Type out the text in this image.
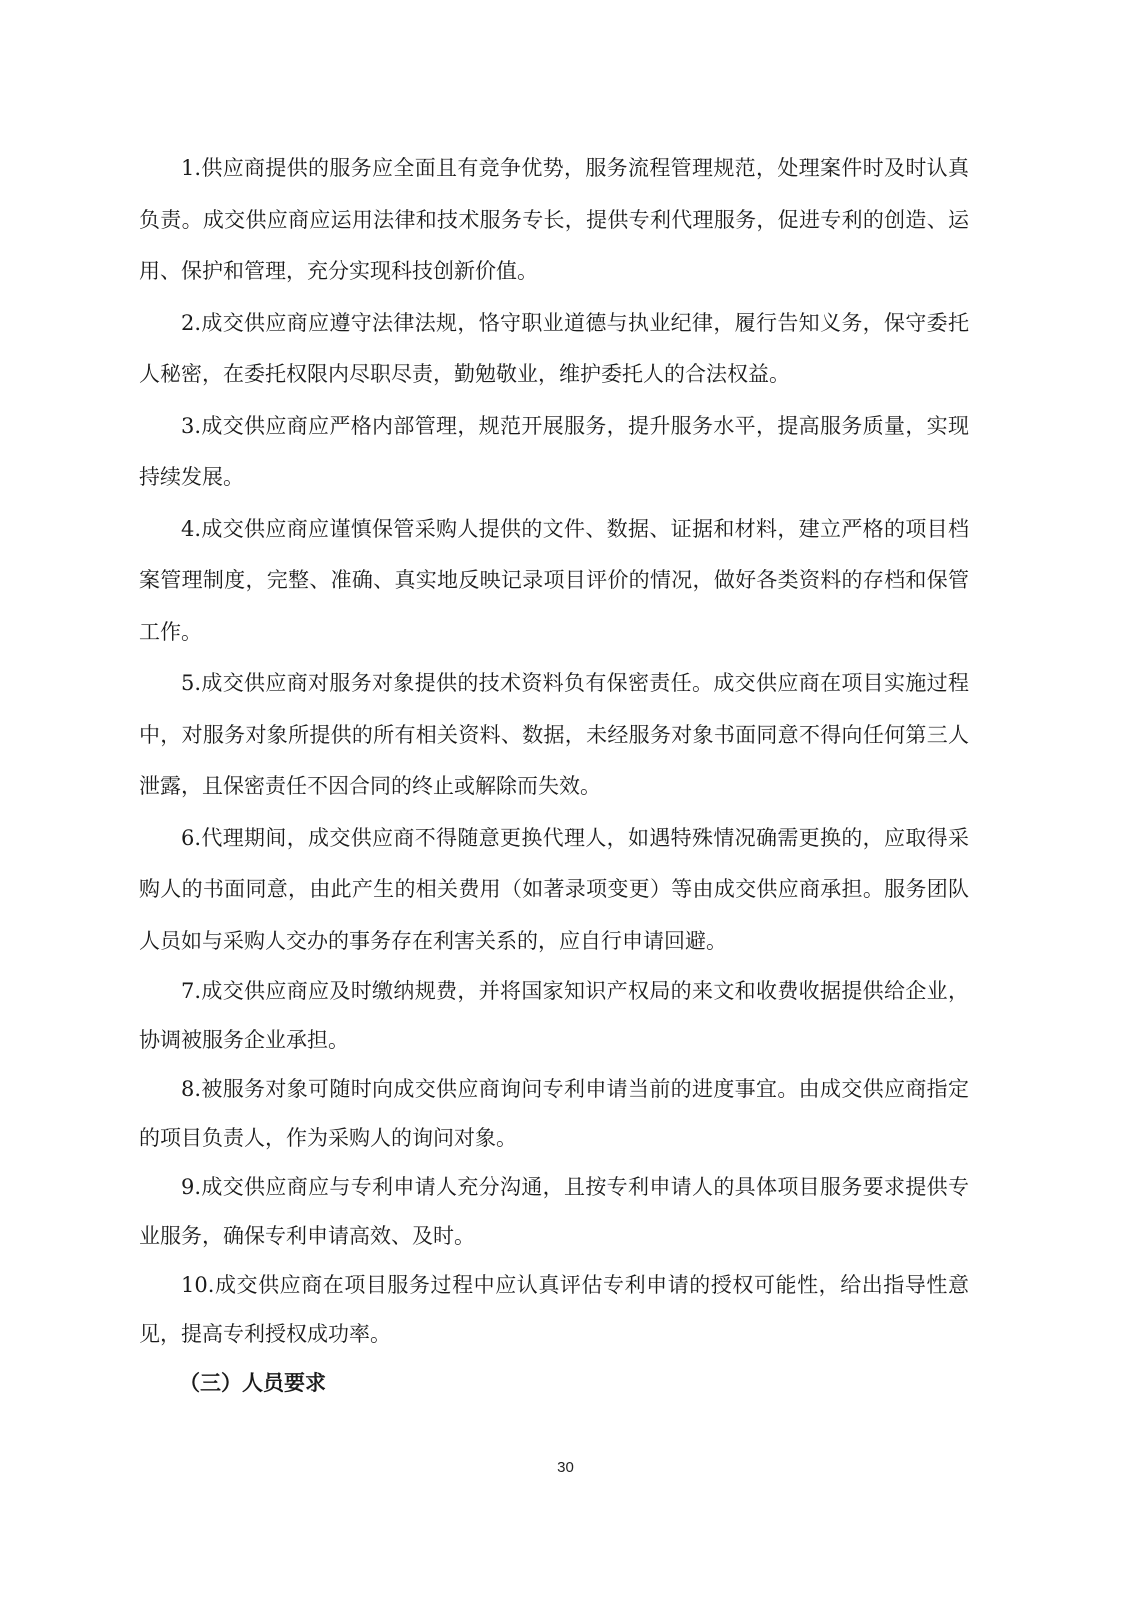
1.供应商提供的服务应全面且有竞争优势，服务流程管理规范，处理案件时及时认真负责。成交供应商应运用法律和技术服务专长，提供专利代理服务，促进专利的创造、运用、保护和管理，充分实现科技创新价值。

2.成交供应商应遵守法律法规，恪守职业道德与执业纪律，履行告知义务，保守委托人秘密，在委托权限内尽职尽责，勤勉敬业，维护委托人的合法权益。

3.成交供应商应严格内部管理，规范开展服务，提升服务水平，提高服务质量，实现持续发展。

4.成交供应商应谨慎保管采购人提供的文件、数据、证据和材料，建立严格的项目档案管理制度，完整、准确、真实地反映记录项目评价的情况，做好各类资料的存档和保管工作。

5.成交供应商对服务对象提供的技术资料负有保密责任。成交供应商在项目实施过程中，对服务对象所提供的所有相关资料、数据，未经服务对象书面同意不得向任何第三人泄露，且保密责任不因合同的终止或解除而失效。

6.代理期间，成交供应商不得随意更换代理人，如遇特殊情况确需更换的，应取得采购人的书面同意，由此产生的相关费用（如著录项变更）等由成交供应商承担。服务团队人员如与采购人交办的事务存在利害关系的，应自行申请回避。

7.成交供应商应及时缴纳规费，并将国家知识产权局的来文和收费收据提供给企业，协调被服务企业承担。

8.被服务对象可随时向成交供应商询问专利申请当前的进度事宜。由成交供应商指定的项目负责人，作为采购人的询问对象。

9.成交供应商应与专利申请人充分沟通，且按专利申请人的具体项目服务要求提供专业服务，确保专利申请高效、及时。

10.成交供应商在项目服务过程中应认真评估专利申请的授权可能性，给出指导性意见，提高专利授权成功率。

（三）人员要求

30
